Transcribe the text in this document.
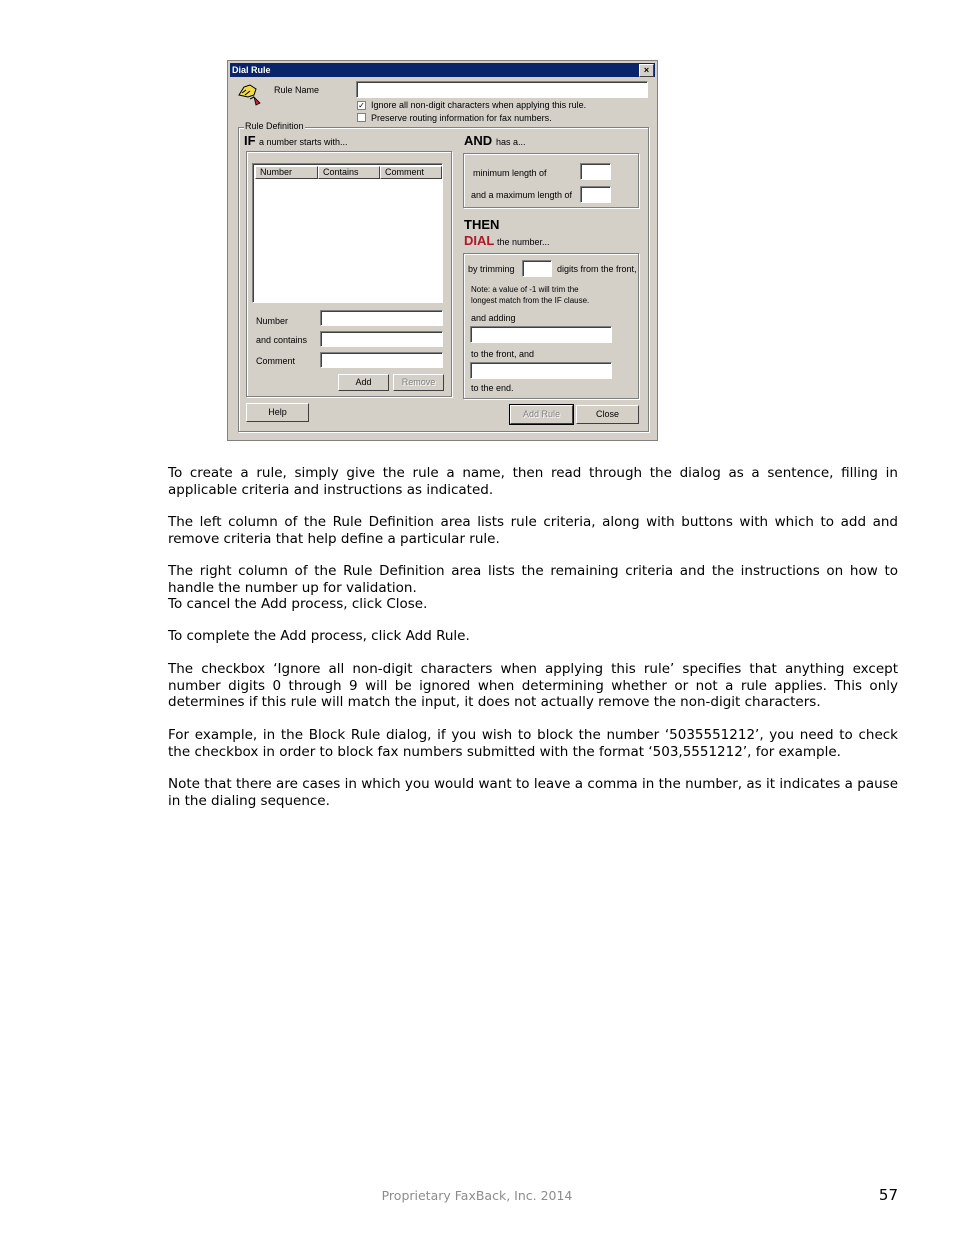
Dial Rule	×
Rule Name
✓ Ignore all non-digit characters when applying this rule.
Preserve routing information for fax numbers.
Rule Definition
IF a number starts with...
Number	Contains	Comment
Number
and contains
Comment
Add	Remove
AND has a...
minimum length of
and a maximum length of
THEN
DIAL the number...
by trimming	digits from the front,
Note: a value of -1 will trim the
longest match from the IF clause.
and adding
to the front, and
to the end.
Help	Add Rule	Close

To create a rule, simply give the rule a name, then read through the dialog as a sentence, filling in applicable criteria and instructions as indicated.

The left column of the Rule Definition area lists rule criteria, along with buttons with which to add and remove criteria that help define a particular rule.

The right column of the Rule Definition area lists the remaining criteria and the instructions on how to handle the number up for validation.

To cancel the Add process, click Close.

To complete the Add process, click Add Rule.

The checkbox ‘Ignore all non-digit characters when applying this rule’ specifies that anything except number digits 0 through 9 will be ignored when determining whether or not a rule applies. This only determines if this rule will match the input, it does not actually remove the non-digit characters.

For example, in the Block Rule dialog, if you wish to block the number ‘5035551212’, you need to check the checkbox in order to block fax numbers submitted with the format ‘503,5551212’, for example.

Note that there are cases in which you would want to leave a comma in the number, as it indicates a pause in the dialing sequence.

Proprietary FaxBack, Inc. 2014	57
